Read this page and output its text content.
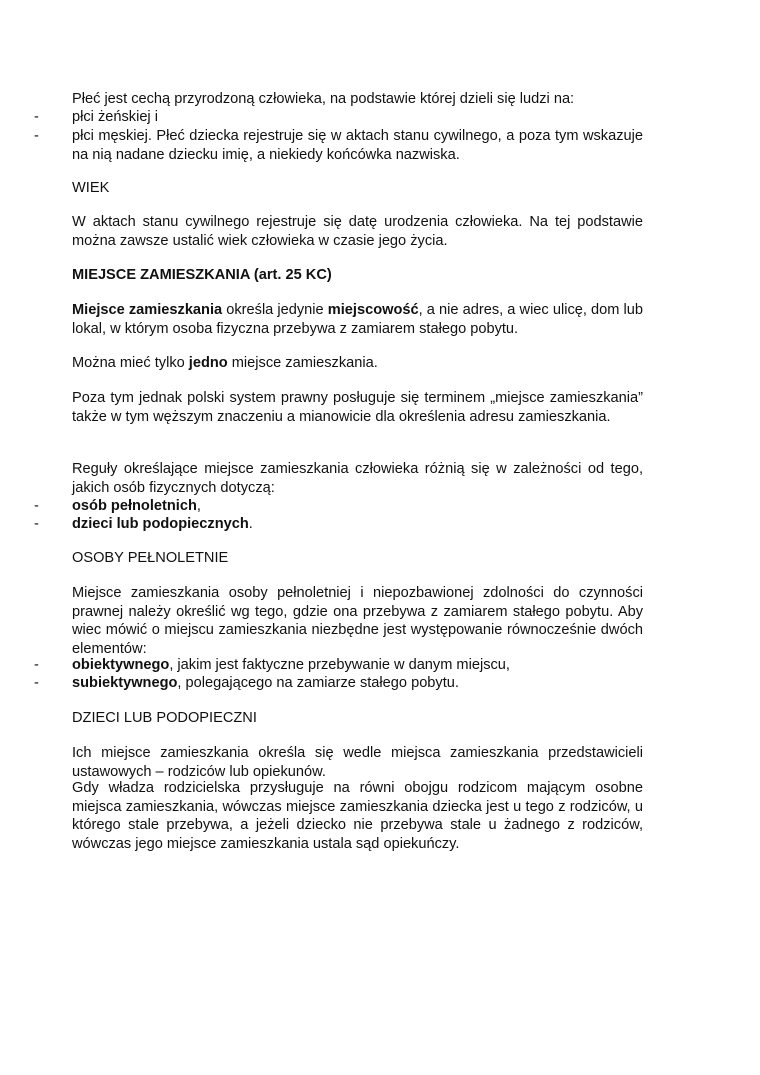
Płeć jest cechą przyrodzoną człowieka, na podstawie której dzieli się ludzi na:

- płci żeńskiej i
- płci męskiej. Płeć dziecka rejestruje się w aktach stanu cywilnego, a poza tym wskazuje na nią nadane dziecku imię, a niekiedy końcówka nazwiska.

WIEK

W aktach stanu cywilnego rejestruje się datę urodzenia człowieka. Na tej podstawie można zawsze ustalić wiek człowieka w czasie jego życia.

MIEJSCE ZAMIESZKANIA (art. 25 KC)

Miejsce zamieszkania określa jedynie miejscowość, a nie adres, a wiec ulicę, dom lub lokal, w którym osoba fizyczna przebywa z zamiarem stałego pobytu.

Można mieć tylko jedno miejsce zamieszkania.

Poza tym jednak polski system prawny posługuje się terminem „miejsce zamieszkania” także w tym węższym znaczeniu a mianowicie dla określenia adresu zamieszkania.

Reguły określające miejsce zamieszkania człowieka różnią się w zależności od tego, jakich osób fizycznych dotyczą:

- osób pełnoletnich,
- dzieci lub podopiecznych.

OSOBY PEŁNOLETNIE

Miejsce zamieszkania osoby pełnoletniej i niepozbawionej zdolności do czynności prawnej należy określić wg tego, gdzie ona przebywa z zamiarem stałego pobytu. Aby wiec mówić o miejscu zamieszkania niezbędne jest występowanie równocześnie dwóch elementów:

- obiektywnego, jakim jest faktyczne przebywanie w danym miejscu,
- subiektywnego, polegającego na zamiarze stałego pobytu.

DZIECI LUB PODOPIECZNI

Ich miejsce zamieszkania określa się wedle miejsca zamieszkania przedstawicieli ustawowych – rodziców lub opiekunów.

Gdy władza rodzicielska przysługuje na równi obojgu rodzicom mającym osobne miejsca zamieszkania, wówczas miejsce zamieszkania dziecka jest u tego z rodziców, u którego stale przebywa, a jeżeli dziecko nie przebywa stale u żadnego z rodziców, wówczas jego miejsce zamieszkania ustala sąd opiekuńczy.
